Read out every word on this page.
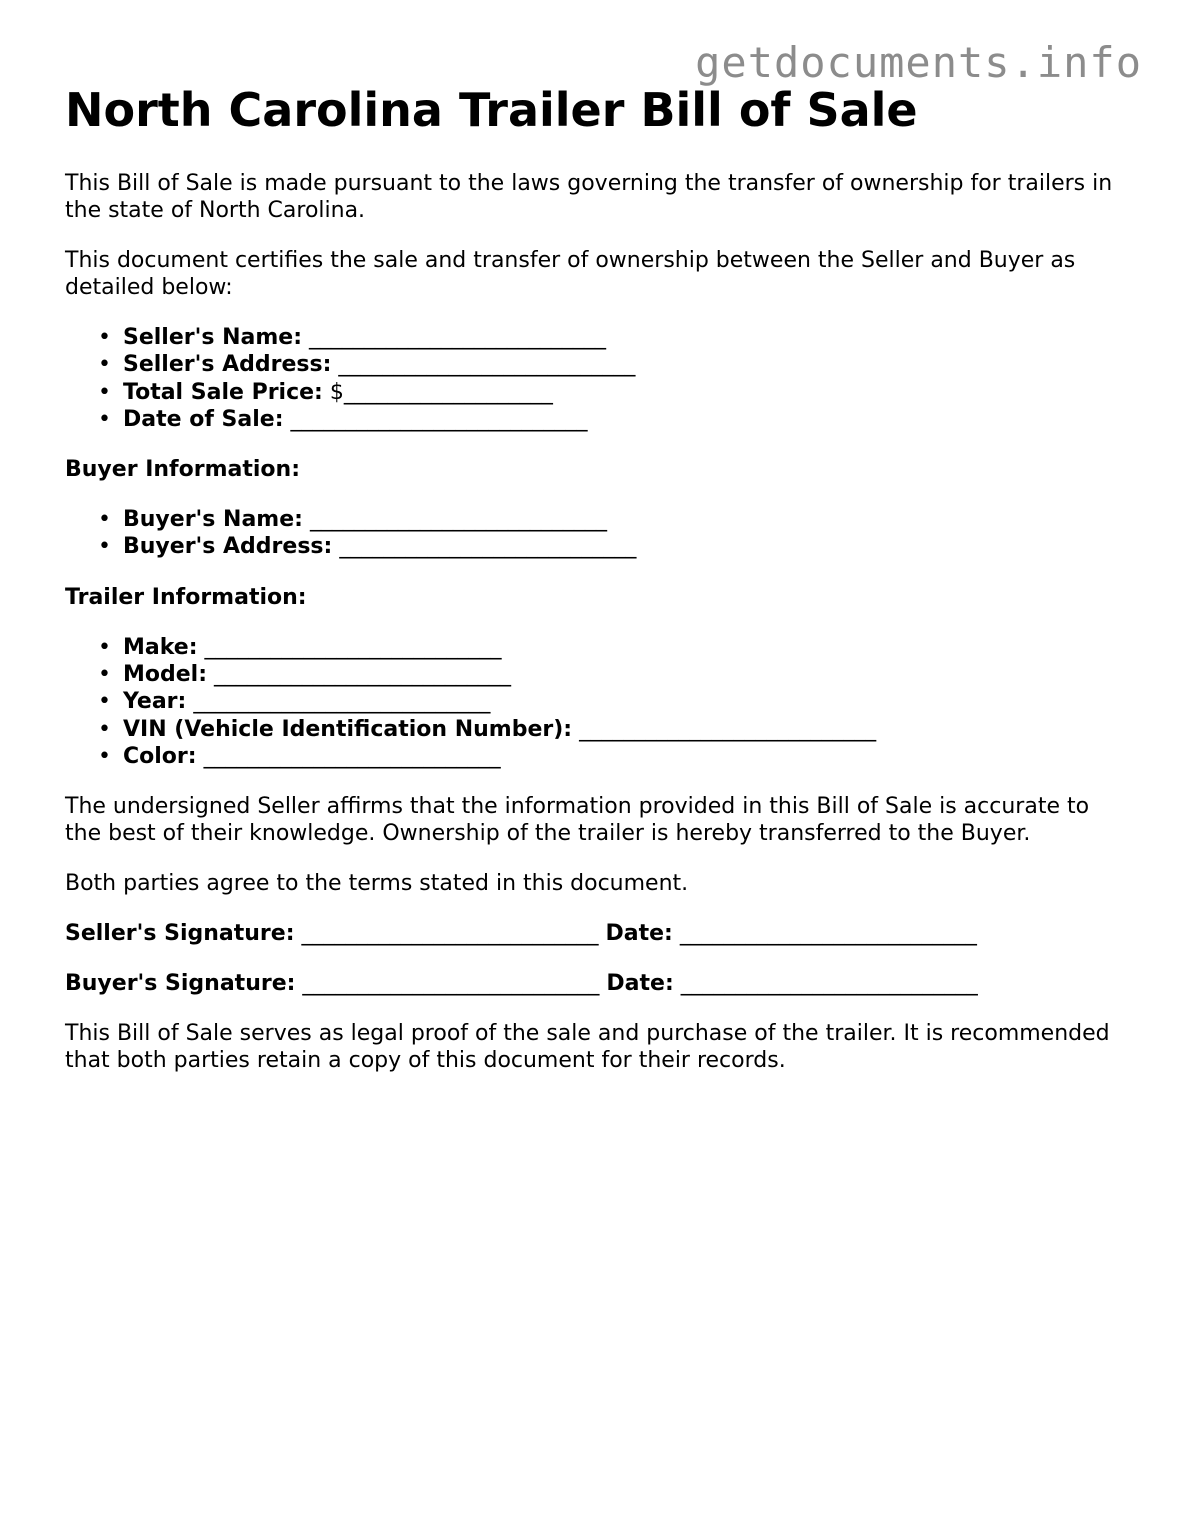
getdocuments.info
North Carolina Trailer Bill of Sale

This Bill of Sale is made pursuant to the laws governing the transfer of ownership for trailers in the state of North Carolina.

This document certifies the sale and transfer of ownership between the Seller and Buyer as detailed below:

• Seller's Name: ___________________________
• Seller's Address: ___________________________
• Total Sale Price: $___________________
• Date of Sale: ___________________________

Buyer Information:

• Buyer's Name: ___________________________
• Buyer's Address: ___________________________

Trailer Information:

• Make: ___________________________
• Model: ___________________________
• Year: ___________________________
• VIN (Vehicle Identification Number): ___________________________
• Color: ___________________________

The undersigned Seller affirms that the information provided in this Bill of Sale is accurate to the best of their knowledge. Ownership of the trailer is hereby transferred to the Buyer.

Both parties agree to the terms stated in this document.

Seller's Signature: ___________________________ Date: ___________________________

Buyer's Signature: ___________________________ Date: ___________________________

This Bill of Sale serves as legal proof of the sale and purchase of the trailer. It is recommended that both parties retain a copy of this document for their records.
